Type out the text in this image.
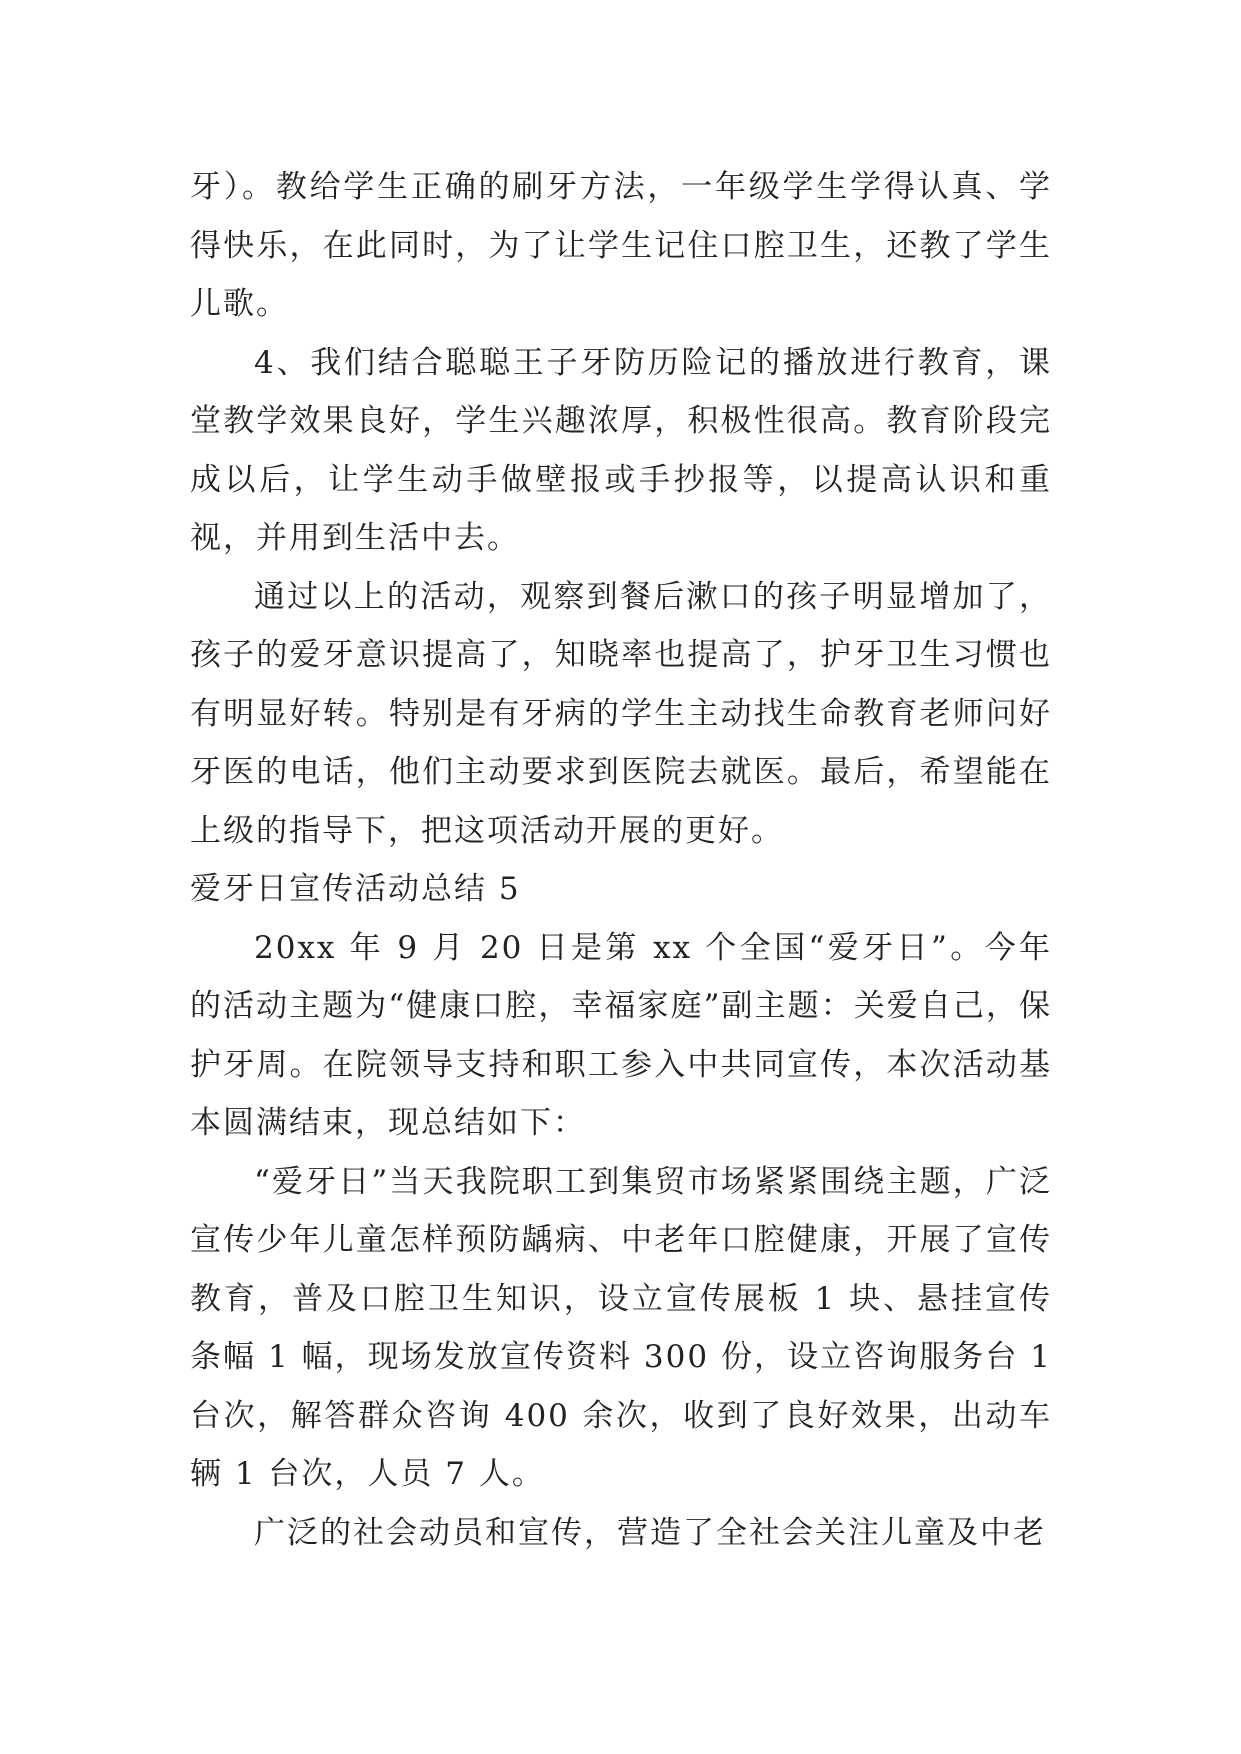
牙）。教给学生正确的刷牙方法，一年级学生学得认真、学得快乐，在此同时，为了让学生记住口腔卫生，还教了学生儿歌。

4、我们结合聪聪王子牙防历险记的播放进行教育，课堂教学效果良好，学生兴趣浓厚，积极性很高。教育阶段完成以后，让学生动手做壁报或手抄报等，以提高认识和重视，并用到生活中去。

通过以上的活动，观察到餐后漱口的孩子明显增加了，孩子的爱牙意识提高了，知晓率也提高了，护牙卫生习惯也有明显好转。特别是有牙病的学生主动找生命教育老师问好牙医的电话，他们主动要求到医院去就医。最后，希望能在上级的指导下，把这项活动开展的更好。

爱牙日宣传活动总结 5

20xx 年 9 月 20 日是第 xx 个全国“爱牙日”。今年的活动主题为“健康口腔，幸福家庭”副主题：关爱自己，保护牙周。在院领导支持和职工参入中共同宣传，本次活动基本圆满结束，现总结如下：

“爱牙日”当天我院职工到集贸市场紧紧围绕主题，广泛宣传少年儿童怎样预防龋病、中老年口腔健康，开展了宣传教育，普及口腔卫生知识，设立宣传展板 1 块、悬挂宣传条幅 1 幅，现场发放宣传资料 300 份，设立咨询服务台 1 台次，解答群众咨询 400 余次，收到了良好效果，出动车辆 1 台次，人员 7 人。

广泛的社会动员和宣传，营造了全社会关注儿童及中老
